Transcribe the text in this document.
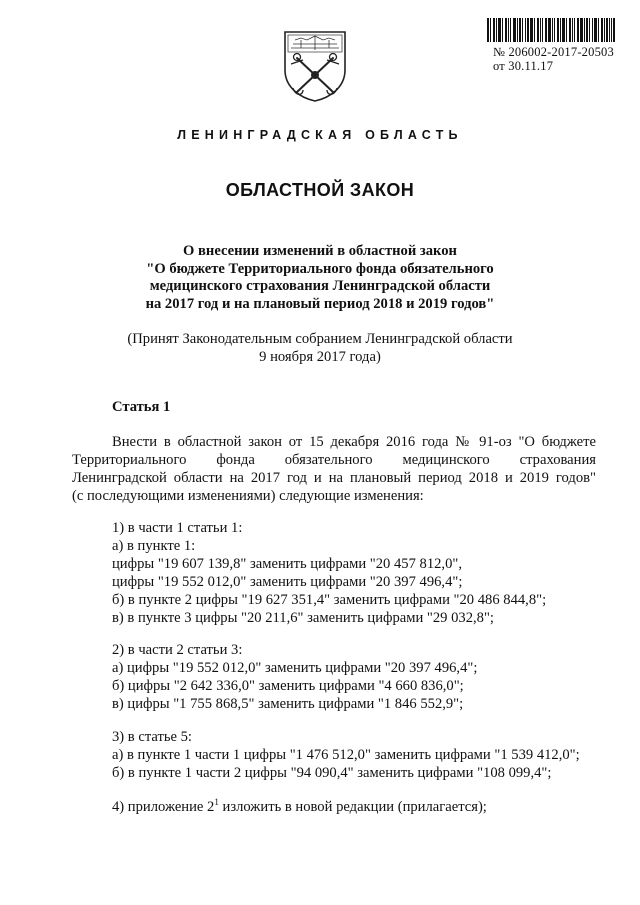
№ 206002-2017-20503
от 30.11.17
ЛЕНИНГРАДСКАЯ ОБЛАСТЬ
ОБЛАСТНОЙ ЗАКОН
О внесении изменений в областной закон
"О бюджете Территориального фонда обязательного
медицинского страхования Ленинградской области
на 2017 год и на плановый период 2018 и 2019 годов"
(Принят Законодательным собранием Ленинградской области
9 ноября 2017 года)
Статья 1
Внести в областной закон от 15 декабря 2016 года № 91-оз "О бюджете
Территориального фонда обязательного медицинского страхования
Ленинградской области на 2017 год и на плановый период 2018 и 2019 годов"
(с последующими изменениями) следующие изменения:
1) в части 1 статьи 1:
а) в пункте 1:
цифры "19 607 139,8" заменить цифрами "20 457 812,0",
цифры "19 552 012,0" заменить цифрами "20 397 496,4";
б) в пункте 2 цифры "19 627 351,4" заменить цифрами "20 486 844,8";
в) в пункте 3 цифры "20 211,6" заменить цифрами "29 032,8";
2) в части 2 статьи 3:
а) цифры "19 552 012,0" заменить цифрами "20 397 496,4";
б) цифры "2 642 336,0" заменить цифрами "4 660 836,0";
в) цифры "1 755 868,5" заменить цифрами "1 846 552,9";
3) в статье 5:
а) в пункте 1 части 1 цифры "1 476 512,0" заменить цифрами "1 539 412,0";
б) в пункте 1 части 2 цифры "94 090,4" заменить цифрами "108 099,4";
4) приложение $2^1$ изложить в новой редакции (прилагается);
